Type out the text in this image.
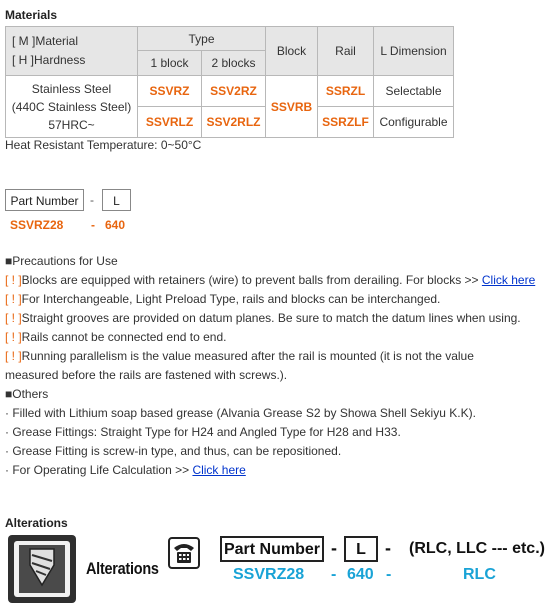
Materials
[ M ]Material
[ H ]Hardness	Type		Block	Rail	L Dimension
	1 block	2 blocks			

Stainless Steel
(440C Stainless Steel)
57HRC~	SSVRZ	SSV2RZ	SSVRB	SSRZL	Selectable
	SSVRLZ	SSV2RLZ		SSRZLF	Configurable
Heat Resistant Temperature: 0~50°C
Part Number -	L
SSVRZ28 - 640
■Precautions for Use
[ ! ]Blocks are equipped with retainers (wire) to prevent balls from derailing. For blocks >> Click here
[ ! ]For Interchangeable, Light Preload Type, rails and blocks can be interchanged.
[ ! ]Straight grooves are provided on datum planes. Be sure to match the datum lines when using.
[ ! ]Rails cannot be connected end to end.
[ ! ]Running parallelism is the value measured after the rail is mounted (it is not the value
measured before the rails are fastened with screws.).
■Others
· Filled with Lithium soap based grease (Alvania Grease S2 by Showa Shell Sekiyu K.K).
· Grease Fittings: Straight Type for H24 and Angled Type for H28 and H33.
· Grease Fitting is screw-in type, and thus, can be repositioned.
· For Operating Life Calculation >> Click here
Alterations
Alterations
Part Number -	L	- (RLC, LLC --- etc.)
SSVRZ28 - 640 -	RLC
